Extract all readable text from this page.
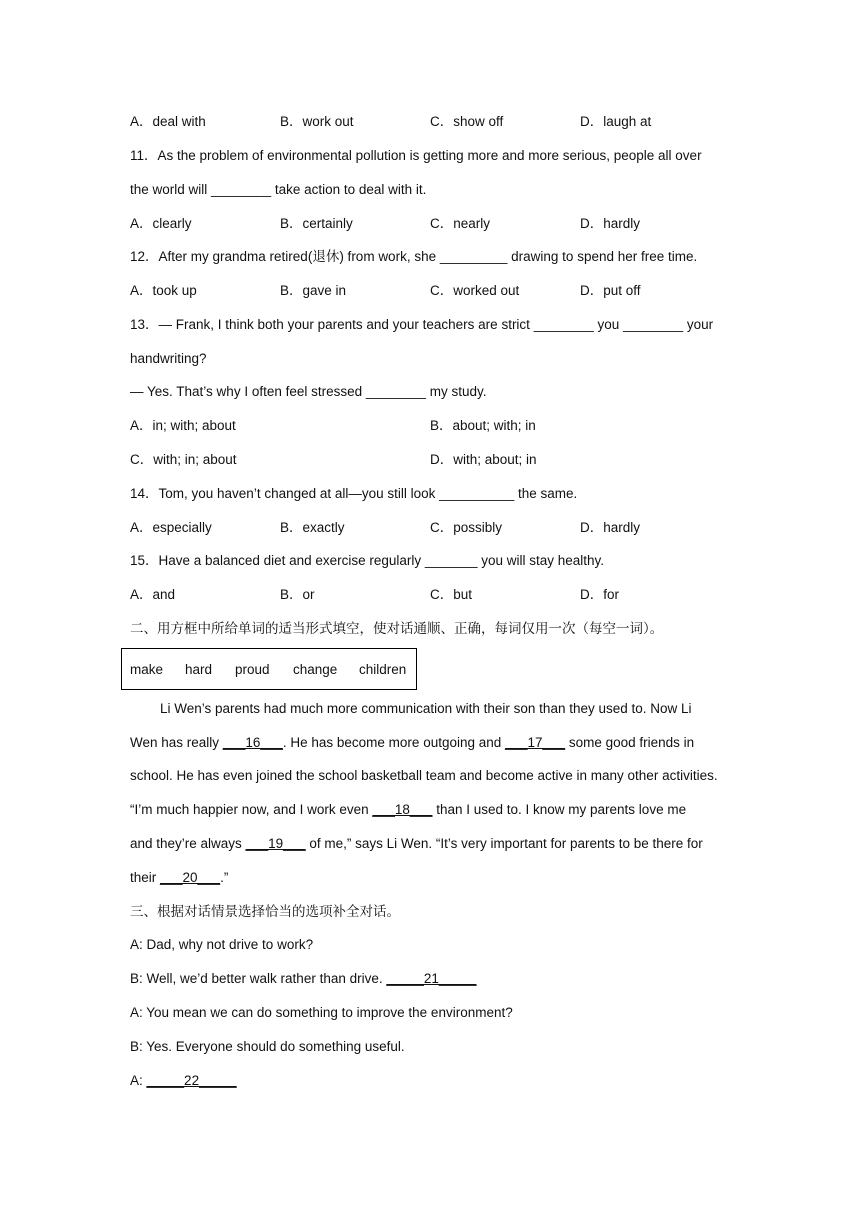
A．deal with	B．work out	C．show off	D．laugh at
11．As the problem of environmental pollution is getting more and more serious, people all over
the world will ________ take action to deal with it.
A．clearly	B．certainly	C．nearly	D．hardly
12．After my grandma retired(退休) from work, she _________ drawing to spend her free time.
A．took up	B．gave in	C．worked out	D．put off
13．— Frank, I think both your parents and your teachers are strict ________ you ________ your
handwriting?
— Yes. That’s why I often feel stressed ________ my study.
A．in; with; about	B．about; with; in
C．with; in; about	D．with; about; in
14．Tom, you haven’t changed at all—you still look __________ the same.
A．especially	B．exactly	C．possibly	D．hardly
15．Have a balanced diet and exercise regularly _______ you will stay healthy.
A．and	B．or	C．but	D．for
二、用方框中所给单词的适当形式填空，使对话通顺、正确，每词仅用一次（每空一词）。
make hard proud change children
Li Wen’s parents had much more communication with their son than they used to. Now Li
Wen has really ___16___. He has become more outgoing and ___17___ some good friends in
school. He has even joined the school basketball team and become active in many other activities.
“I’m much happier now, and I work even ___18___ than I used to. I know my parents love me
and they’re always ___19___ of me,” says Li Wen. “It’s very important for parents to be there for
their ___20___.”
三、根据对话情景选择恰当的选项补全对话。
A: Dad, why not drive to work?
B: Well, we’d better walk rather than drive. _____21_____
A: You mean we can do something to improve the environment?
B: Yes. Everyone should do something useful.
A: _____22_____
